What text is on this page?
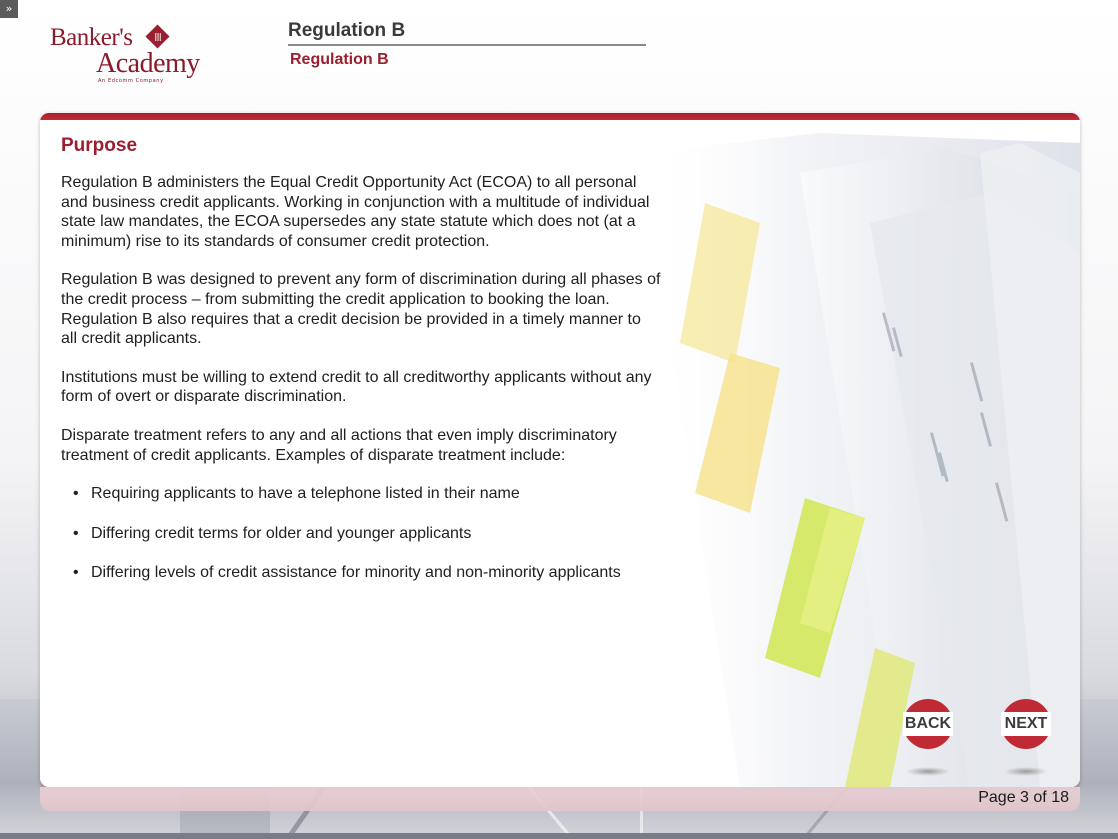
»
Banker's	||||
Academy
An Edcomm Company
Regulation B
Regulation B
Purpose

Regulation B administers the Equal Credit Opportunity Act (ECOA) to all personal and business credit applicants. Working in conjunction with a multitude of individual state law mandates, the ECOA supersedes any state statute which does not (at a minimum) rise to its standards of consumer credit protection.

Regulation B was designed to prevent any form of discrimination during all phases of the credit process – from submitting the credit application to booking the loan. Regulation B also requires that a credit decision be provided in a timely manner to all credit applicants.

Institutions must be willing to extend credit to all creditworthy applicants without any form of overt or disparate discrimination.

Disparate treatment refers to any and all actions that even imply discriminatory treatment of credit applicants. Examples of disparate treatment include:

• Requiring applicants to have a telephone listed in their name
• Differing credit terms for older and younger applicants
• Differing levels of credit assistance for minority and non-minority applicants
BACK	NEXT
Page 3 of 18
